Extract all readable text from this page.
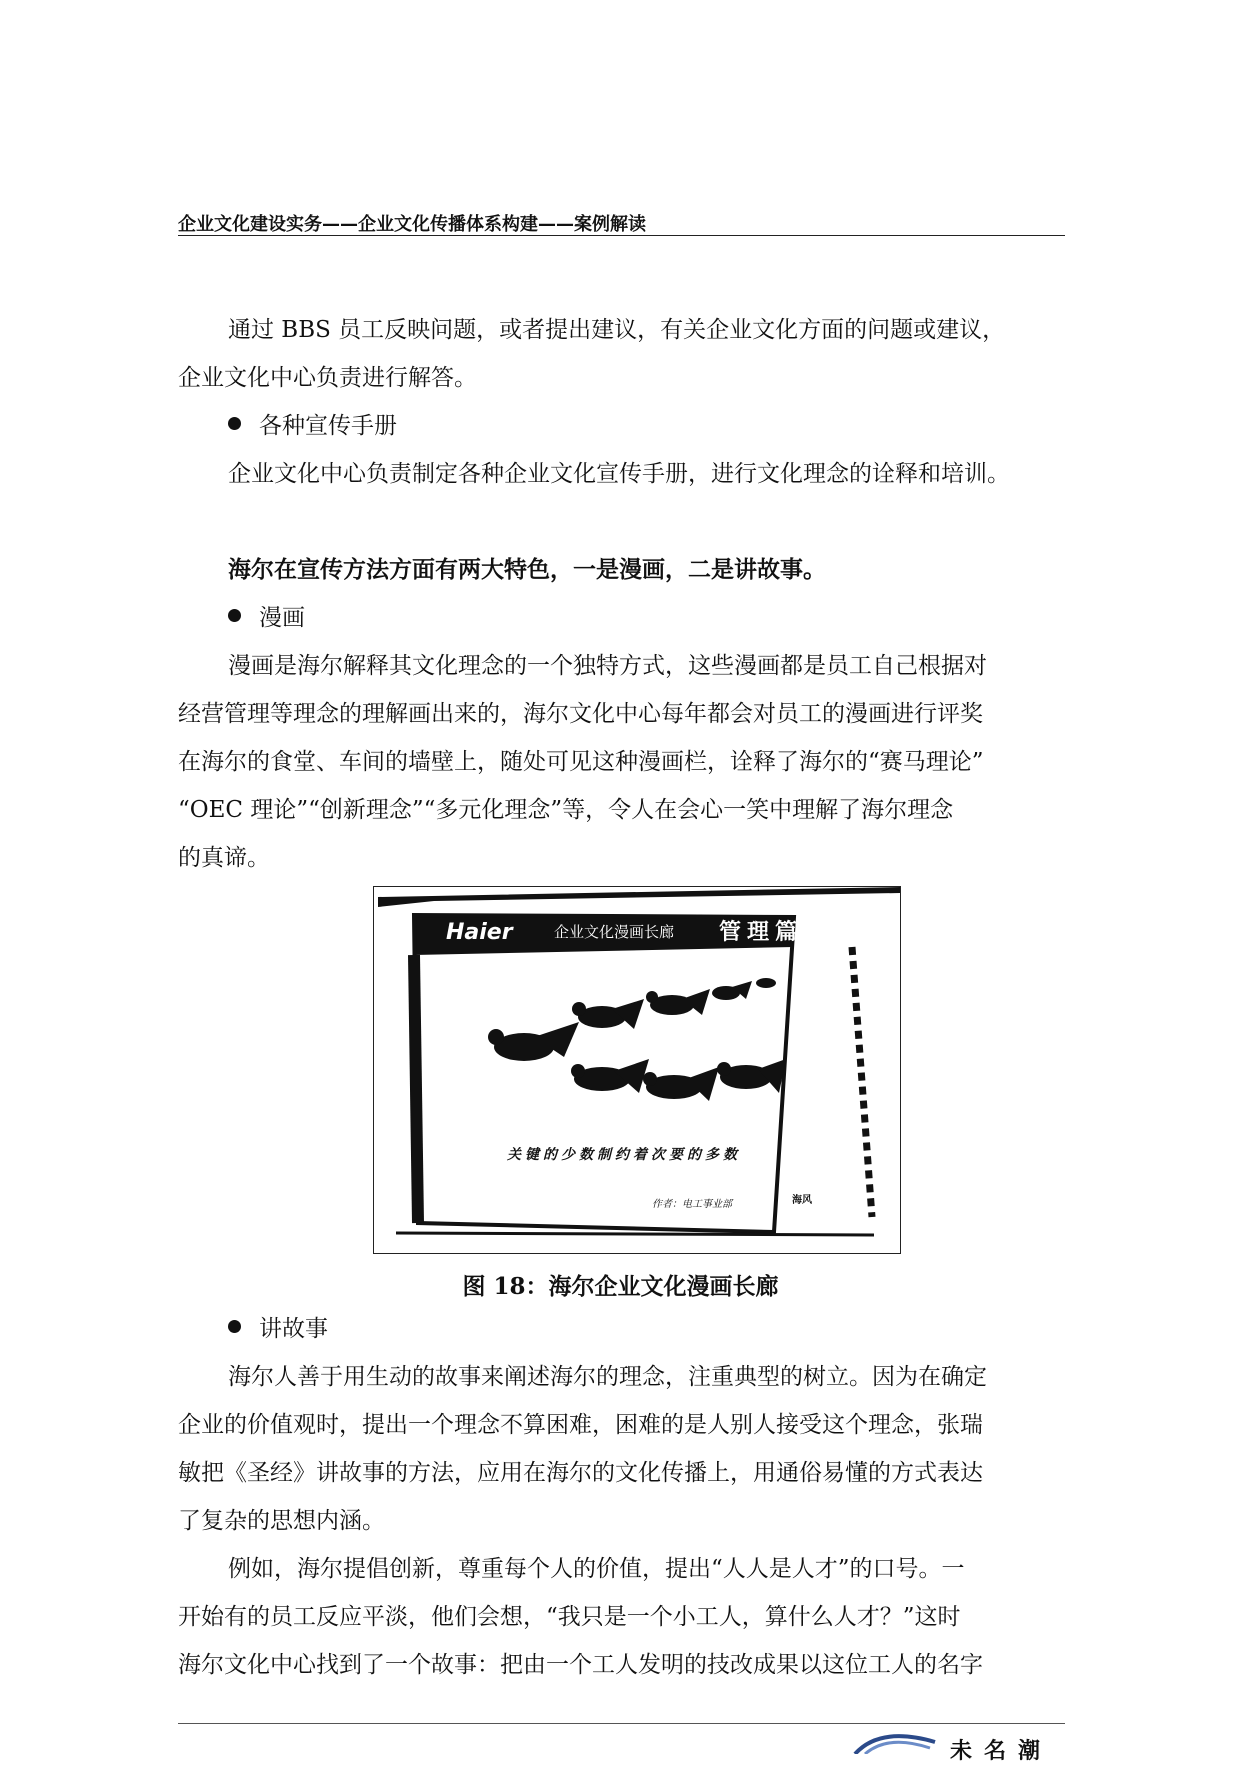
企业文化建设实务——企业文化传播体系构建——案例解读
通过 BBS 员工反映问题，或者提出建议，有关企业文化方面的问题或建议，
企业文化中心负责进行解答。
各种宣传手册
企业文化中心负责制定各种企业文化宣传手册，进行文化理念的诠释和培训。
海尔在宣传方法方面有两大特色，一是漫画，二是讲故事。
漫画
漫画是海尔解释其文化理念的一个独特方式，这些漫画都是员工自己根据对
经营管理等理念的理解画出来的，海尔文化中心每年都会对员工的漫画进行评奖
在海尔的食堂、车间的墙壁上，随处可见这种漫画栏，诠释了海尔的“赛马理论”
“OEC 理论”“创新理念”“多元化理念”等，令人在会心一笑中理解了海尔理念
的真谛。
Haier	企业文化漫画长廊 管理篇
关键的少数制约着次要的多数
作者：电工事业部	海风
图 18：海尔企业文化漫画长廊
讲故事
海尔人善于用生动的故事来阐述海尔的理念，注重典型的树立。因为在确定
企业的价值观时，提出一个理念不算困难，困难的是人别人接受这个理念，张瑞
敏把《圣经》讲故事的方法，应用在海尔的文化传播上，用通俗易懂的方式表达
了复杂的思想内涵。
例如，海尔提倡创新，尊重每个人的价值，提出“人人是人才”的口号。一
开始有的员工反应平淡，他们会想，“我只是一个小工人，算什么人才？”这时
海尔文化中心找到了一个故事：把由一个工人发明的技改成果以这位工人的名字
未名潮
